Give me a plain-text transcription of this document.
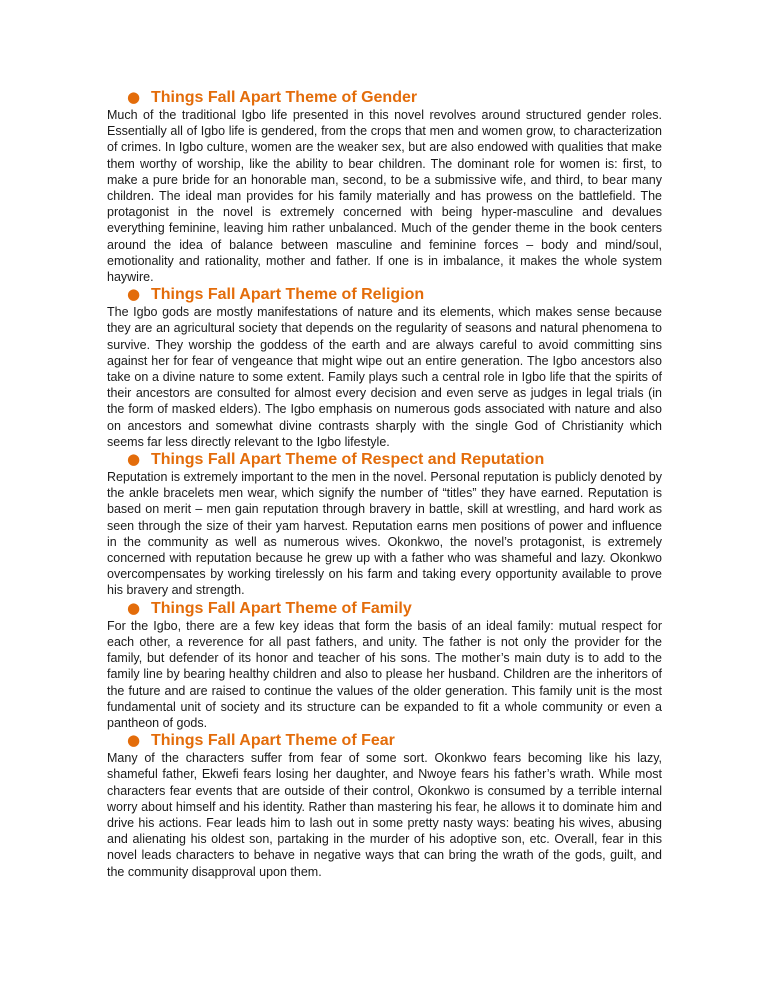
● Things Fall Apart Theme of Gender

Much of the traditional Igbo life presented in this novel revolves around structured gender roles. Essentially all of Igbo life is gendered, from the crops that men and women grow, to characterization of crimes. In Igbo culture, women are the weaker sex, but are also endowed with qualities that make them worthy of worship, like the ability to bear children. The dominant role for women is: first, to make a pure bride for an honorable man, second, to be a submissive wife, and third, to bear many children. The ideal man provides for his family materially and has prowess on the battlefield. The protagonist in the novel is extremely concerned with being hyper-masculine and devalues everything feminine, leaving him rather unbalanced. Much of the gender theme in the book centers around the idea of balance between masculine and feminine forces – body and mind/soul, emotionality and rationality, mother and father. If one is in imbalance, it makes the whole system haywire.

● Things Fall Apart Theme of Religion

The Igbo gods are mostly manifestations of nature and its elements, which makes sense because they are an agricultural society that depends on the regularity of seasons and natural phenomena to survive. They worship the goddess of the earth and are always careful to avoid committing sins against her for fear of vengeance that might wipe out an entire generation. The Igbo ancestors also take on a divine nature to some extent. Family plays such a central role in Igbo life that the spirits of their ancestors are consulted for almost every decision and even serve as judges in legal trials (in the form of masked elders). The Igbo emphasis on numerous gods associated with nature and also on ancestors and somewhat divine contrasts sharply with the single God of Christianity which seems far less directly relevant to the Igbo lifestyle.

● Things Fall Apart Theme of Respect and Reputation

Reputation is extremely important to the men in the novel. Personal reputation is publicly denoted by the ankle bracelets men wear, which signify the number of “titles” they have earned. Reputation is based on merit – men gain reputation through bravery in battle, skill at wrestling, and hard work as seen through the size of their yam harvest. Reputation earns men positions of power and influence in the community as well as numerous wives. Okonkwo, the novel’s protagonist, is extremely concerned with reputation because he grew up with a father who was shameful and lazy. Okonkwo overcompensates by working tirelessly on his farm and taking every opportunity available to prove his bravery and strength.

● Things Fall Apart Theme of Family

For the Igbo, there are a few key ideas that form the basis of an ideal family: mutual respect for each other, a reverence for all past fathers, and unity. The father is not only the provider for the family, but defender of its honor and teacher of his sons. The mother’s main duty is to add to the family line by bearing healthy children and also to please her husband. Children are the inheritors of the future and are raised to continue the values of the older generation. This family unit is the most fundamental unit of society and its structure can be expanded to fit a whole community or even a pantheon of gods.

● Things Fall Apart Theme of Fear

Many of the characters suffer from fear of some sort. Okonkwo fears becoming like his lazy, shameful father, Ekwefi fears losing her daughter, and Nwoye fears his father’s wrath. While most characters fear events that are outside of their control, Okonkwo is consumed by a terrible internal worry about himself and his identity. Rather than mastering his fear, he allows it to dominate him and drive his actions. Fear leads him to lash out in some pretty nasty ways: beating his wives, abusing and alienating his oldest son, partaking in the murder of his adoptive son, etc. Overall, fear in this novel leads characters to behave in negative ways that can bring the wrath of the gods, guilt, and the community disapproval upon them.
